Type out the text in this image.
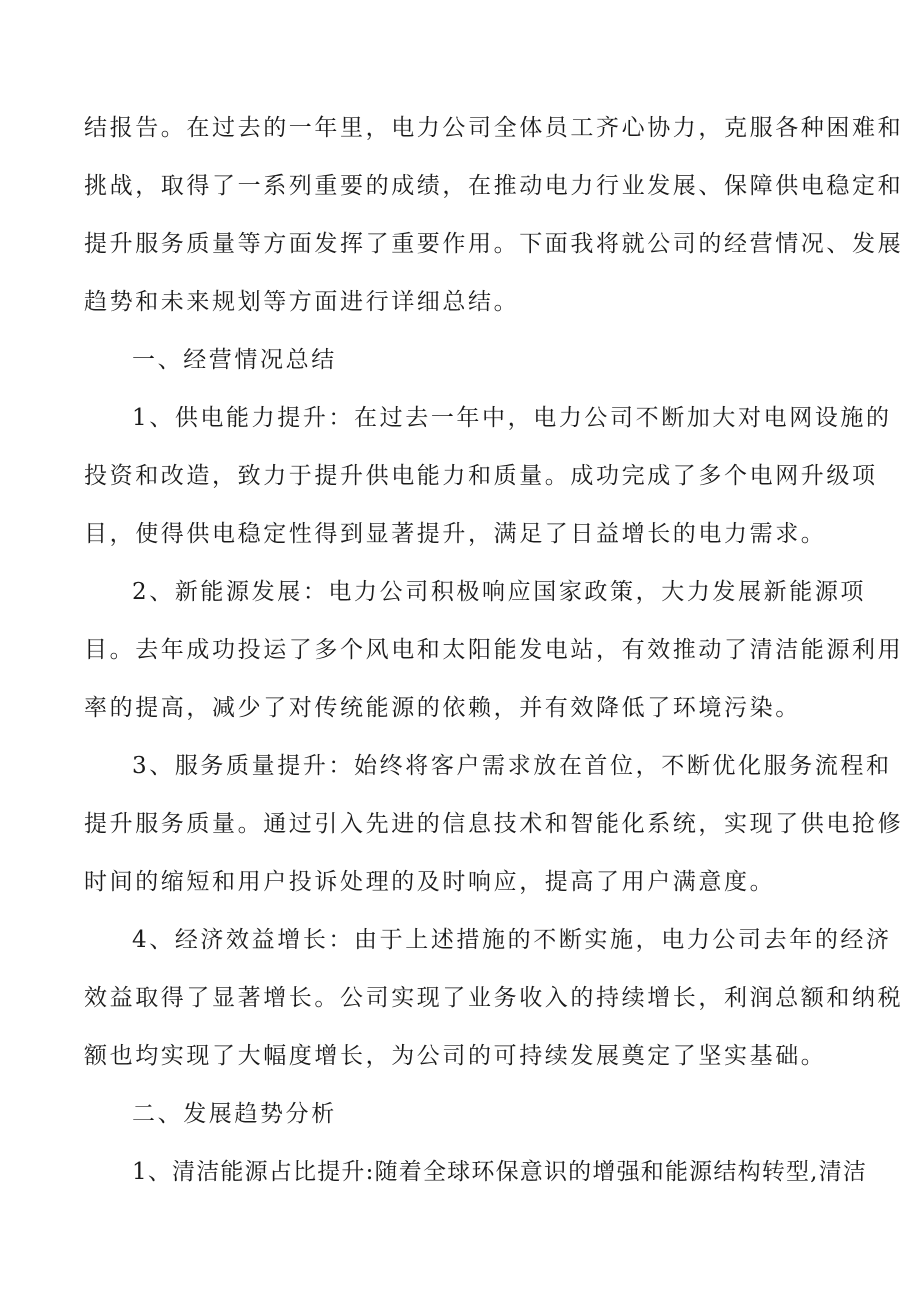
结报告。在过去的一年里，电力公司全体员工齐心协力，克服各种困难和
挑战，取得了一系列重要的成绩，在推动电力行业发展、保障供电稳定和
提升服务质量等方面发挥了重要作用。下面我将就公司的经营情况、发展
趋势和未来规划等方面进行详细总结。
一、经营情况总结
1、供电能力提升：在过去一年中，电力公司不断加大对电网设施的
投资和改造，致力于提升供电能力和质量。成功完成了多个电网升级项
目，使得供电稳定性得到显著提升，满足了日益增长的电力需求。
2、新能源发展：电力公司积极响应国家政策，大力发展新能源项
目。去年成功投运了多个风电和太阳能发电站，有效推动了清洁能源利用
率的提高，减少了对传统能源的依赖，并有效降低了环境污染。
3、服务质量提升：始终将客户需求放在首位，不断优化服务流程和
提升服务质量。通过引入先进的信息技术和智能化系统，实现了供电抢修
时间的缩短和用户投诉处理的及时响应，提高了用户满意度。
4、经济效益增长：由于上述措施的不断实施，电力公司去年的经济
效益取得了显著增长。公司实现了业务收入的持续增长，利润总额和纳税
额也均实现了大幅度增长，为公司的可持续发展奠定了坚实基础。
二、发展趋势分析
1、清洁能源占比提升:随着全球环保意识的增强和能源结构转型,清洁
